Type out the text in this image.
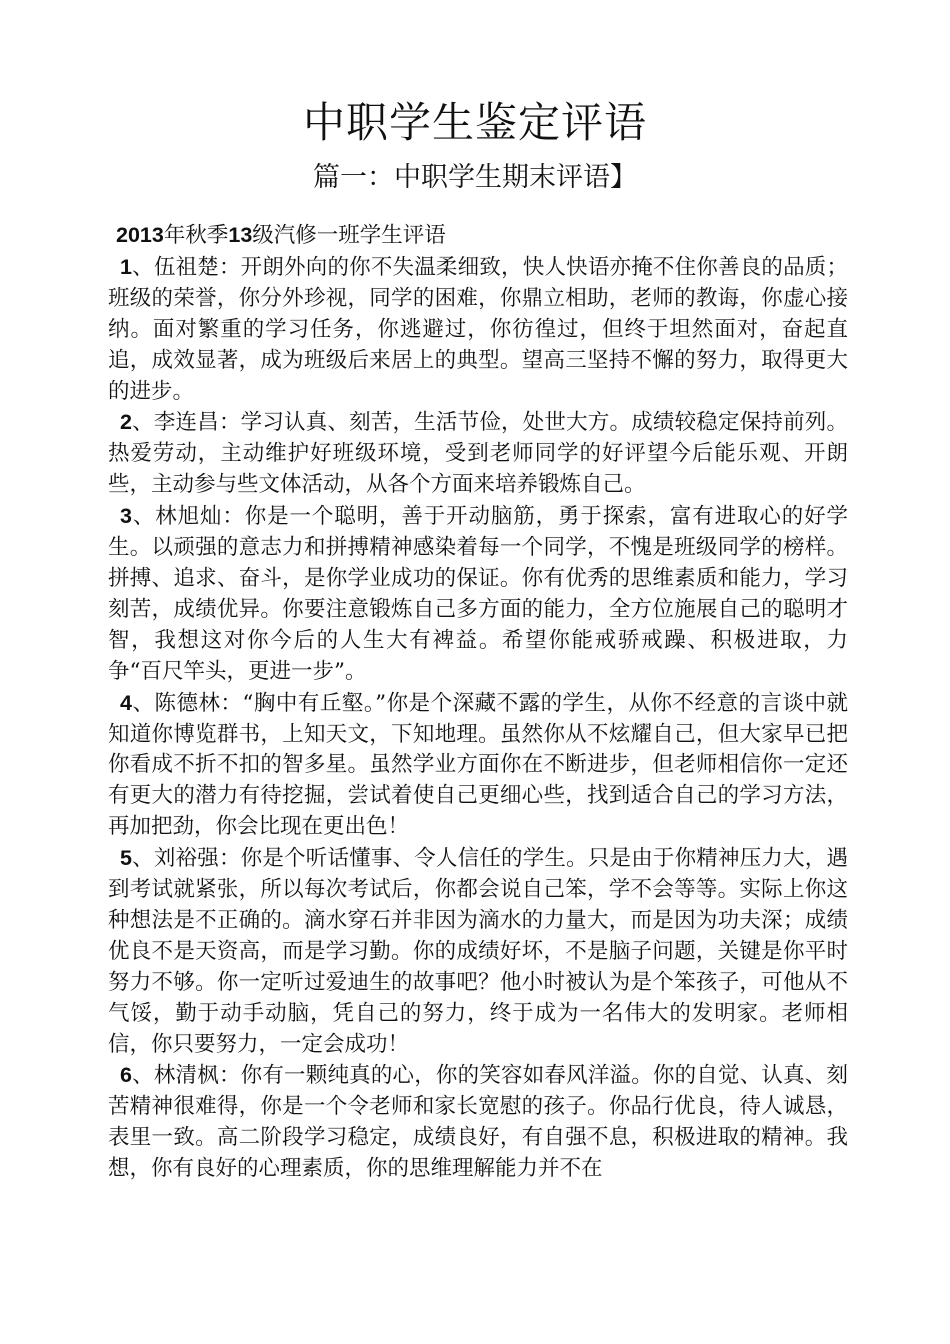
中职学生鉴定评语
篇一：中职学生期末评语】
2013年秋季13级汽修一班学生评语
1、伍祖楚：开朗外向的你不失温柔细致，快人快语亦掩不住你善良的品质；班级的荣誉，你分外珍视，同学的困难，你鼎立相助，老师的教诲，你虚心接纳。面对繁重的学习任务，你逃避过，你彷徨过，但终于坦然面对，奋起直追，成效显著，成为班级后来居上的典型。望高三坚持不懈的努力，取得更大的进步。
2、李连昌：学习认真、刻苦，生活节俭，处世大方。成绩较稳定保持前列。热爱劳动，主动维护好班级环境，受到老师同学的好评望今后能乐观、开朗些，主动参与些文体活动，从各个方面来培养锻炼自己。
3、林旭灿：你是一个聪明，善于开动脑筋，勇于探索，富有进取心的好学生。以顽强的意志力和拼搏精神感染着每一个同学，不愧是班级同学的榜样。拼搏、追求、奋斗，是你学业成功的保证。你有优秀的思维素质和能力，学习刻苦，成绩优异。你要注意锻炼自己多方面的能力，全方位施展自己的聪明才智，我想这对你今后的人生大有裨益。希望你能戒骄戒躁、积极进取，力争“百尺竿头，更进一步”。
4、陈德林：“胸中有丘壑。”你是个深藏不露的学生，从你不经意的言谈中就知道你博览群书，上知天文，下知地理。虽然你从不炫耀自己，但大家早已把你看成不折不扣的智多星。虽然学业方面你在不断进步，但老师相信你一定还有更大的潜力有待挖掘，尝试着使自己更细心些，找到适合自己的学习方法，再加把劲，你会比现在更出色！
5、刘裕强：你是个听话懂事、令人信任的学生。只是由于你精神压力大，遇到考试就紧张，所以每次考试后，你都会说自己笨，学不会等等。实际上你这种想法是不正确的。滴水穿石并非因为滴水的力量大，而是因为功夫深；成绩优良不是天资高，而是学习勤。你的成绩好坏，不是脑子问题，关键是你平时努力不够。你一定听过爱迪生的故事吧？他小时被认为是个笨孩子，可他从不气馁，勤于动手动脑，凭自己的努力，终于成为一名伟大的发明家。老师相信，你只要努力，一定会成功！
6、林清枫：你有一颗纯真的心，你的笑容如春风洋溢。你的自觉、认真、刻苦精神很难得，你是一个令老师和家长宽慰的孩子。你品行优良，待人诚恳，表里一致。高二阶段学习稳定，成绩良好，有自强不息，积极进取的精神。我想，你有良好的心理素质，你的思维理解能力并不在
